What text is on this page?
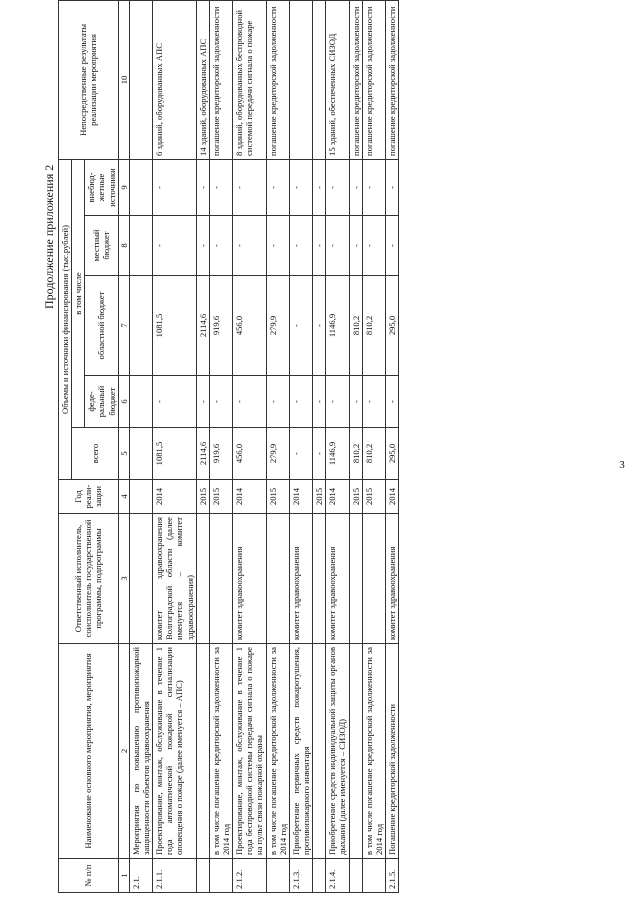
3
Продолжение приложения 2
№ п/п	Наименование основного мероприятия, мероприятия	Ответственный исполнитель, соисполнитель государственной программы, подпрограммы	Год реали-зации	Объемы и источники финансирования (тыс.рублей)					Непосредственные результаты реализации мероприятия
				всего	в том числе				
					феде-ральный бюджет	областной бюджет	местный бюджет	внебюд-жетные источники	
1	2	3	4	5	6	7	8	9	10
2.1.	Мероприятия по повышению противопожарной защищенности объектов здравоохранения								
2.1.1.	Проектирование, монтаж, обслуживание в течение 1 года автоматической пожарной сигнализации оповещения о пожаре (далее именуется – АПС)	комитет здравоохранения Волгоградской области (далее именуется – комитет здравоохранения)	2014	1081,5	-	1081,5	-	-	6 зданий, оборудованных АПС
			2015	2114,6	-	2114,6	-	-	14 зданий, оборудованных АПС
	в том числе погашение кредиторской задолженности за 2014 год		2015	919,6	-	919,6	-	-	погашение кредиторской задолженности
2.1.2.	Проектирование, монтаж, обслуживание в течение 1 года беспроводной системы передачи сигнала о пожаре на пульт связи пожарной охраны	комитет здравоохранения	2014	456,0	-	456,0	-	-	8 зданий, оборудованных беспроводной системой передачи сигнала о пожаре
	в том числе погашение кредиторской задолженности за 2014 год		2015	279,9	-	279,9	-	-	погашение кредиторской задолженности
2.1.3.	Приобретение первичных средств пожаротушения, противопожарного инвентаря	комитет здравоохранения	2014	-	-	-	-	-	
			2015	-	-	-	-	-	
2.1.4.	Приобретение средств индивидуальной защиты органов дыхания (далее именуется – СИЗОД)	комитет здравоохранения	2014	1146,9	-	1146,9	-	-	15 зданий, обеспеченных СИЗОД
			2015	810,2	-	810,2	-	-	погашение кредиторской задолженности
	в том числе погашение кредиторской задолженности за 2014 год		2015	810,2	-	810,2	-	-	погашение кредиторской задолженности
2.1.5.	Погашение кредиторской задолженности	комитет здравоохранения	2014	295,0	-	295,0	-	-	погашение кредиторской задолженности
